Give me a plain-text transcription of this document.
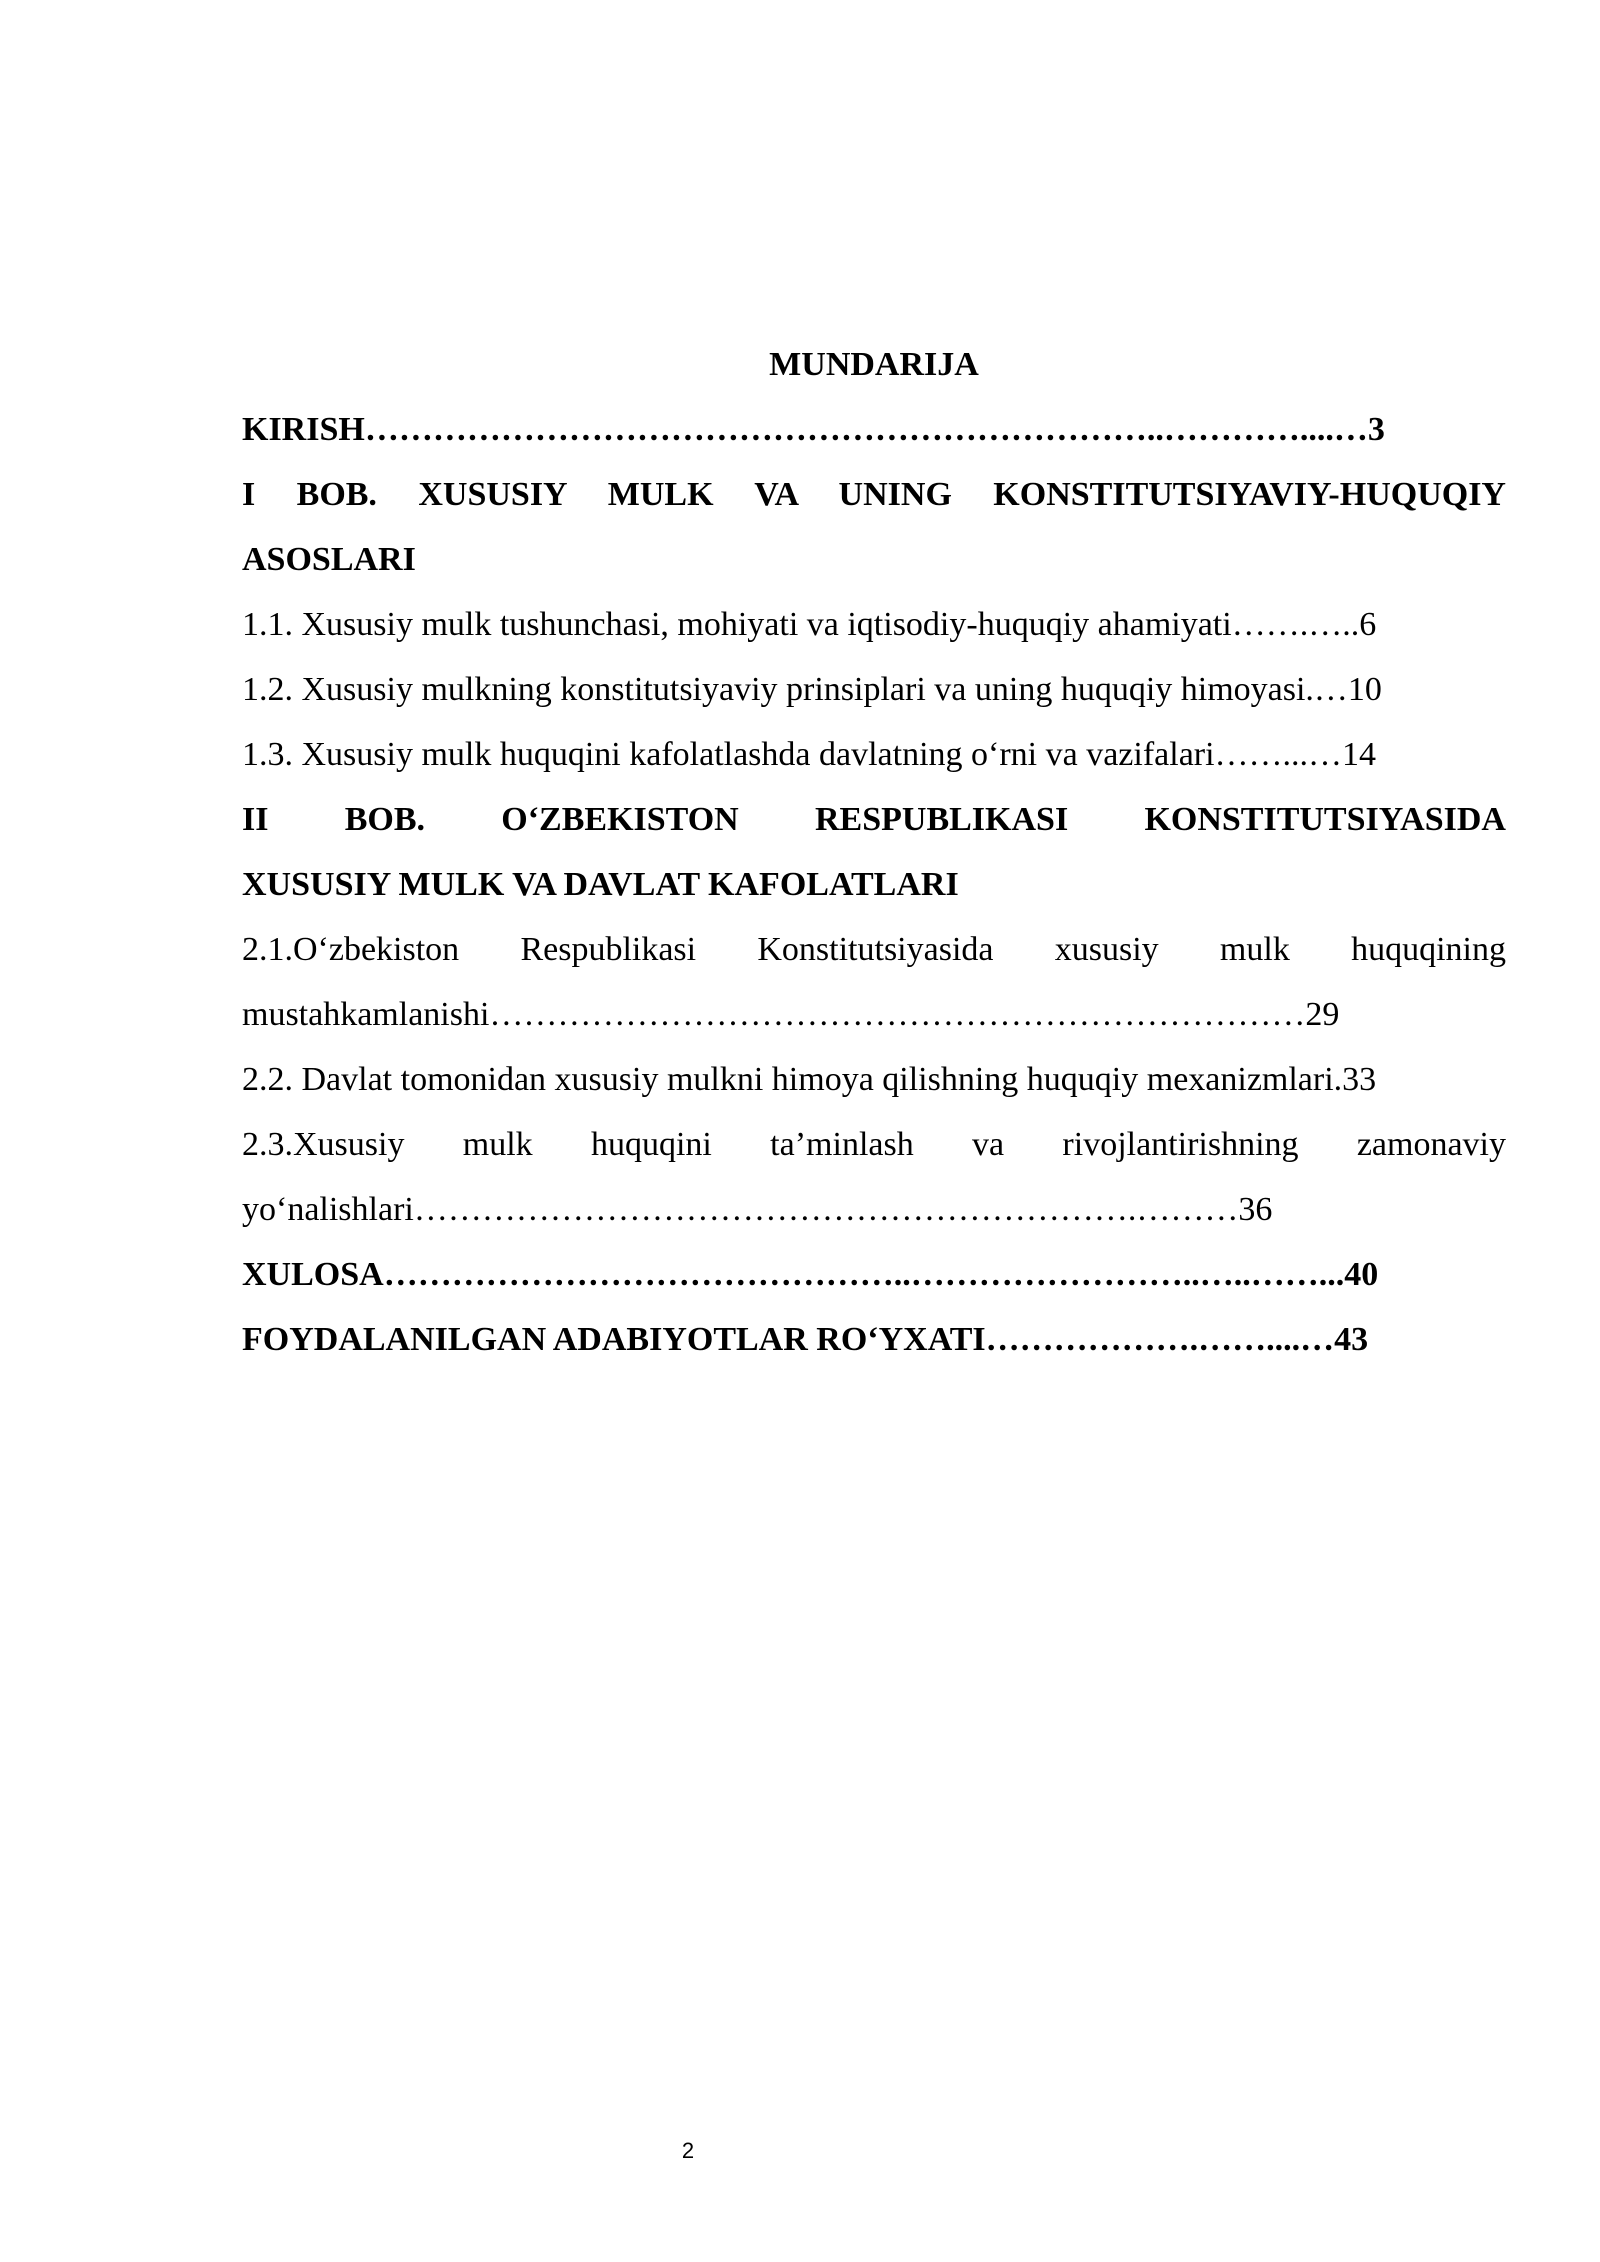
MUNDARIJA

KIRISH……………………………………………………………..…………....…3

I BOB. XUSUSIY MULK VA UNING KONSTITUTSIYAVIY-HUQUQIY

ASOSLARI

1.1. Xususiy mulk tushunchasi, mohiyati va iqtisodiy-huquqiy ahamiyati…….…..6

1.2. Xususiy mulkning konstitutsiyaviy prinsiplari va uning huquqiy himoyasi.…10

1.3. Xususiy mulk huquqini kafolatlashda davlatning o‘rni va vazifalari……...…14

II BOB. O‘ZBEKISTON RESPUBLIKASI KONSTITUTSIYASIDA

XUSUSIY MULK VA DAVLAT KAFOLATLARI

2.1.O‘zbekiston Respublikasi Konstitutsiyasida xususiy mulk huquqining

mustahkamlanishi………………………………………………………………29

2.2. Davlat tomonidan xususiy mulkni himoya qilishning huquqiy mexanizmlari.33

2.3.Xususiy mulk huquqini ta’minlash va rivojlantirishning zamonaviy

yo‘nalishlari……………………………………………………….………36

XULOSA………………………………………..……………………..…..……...40

FOYDALANILGAN ADABIYOTLAR RO‘YXATI……………….……....…43

2
